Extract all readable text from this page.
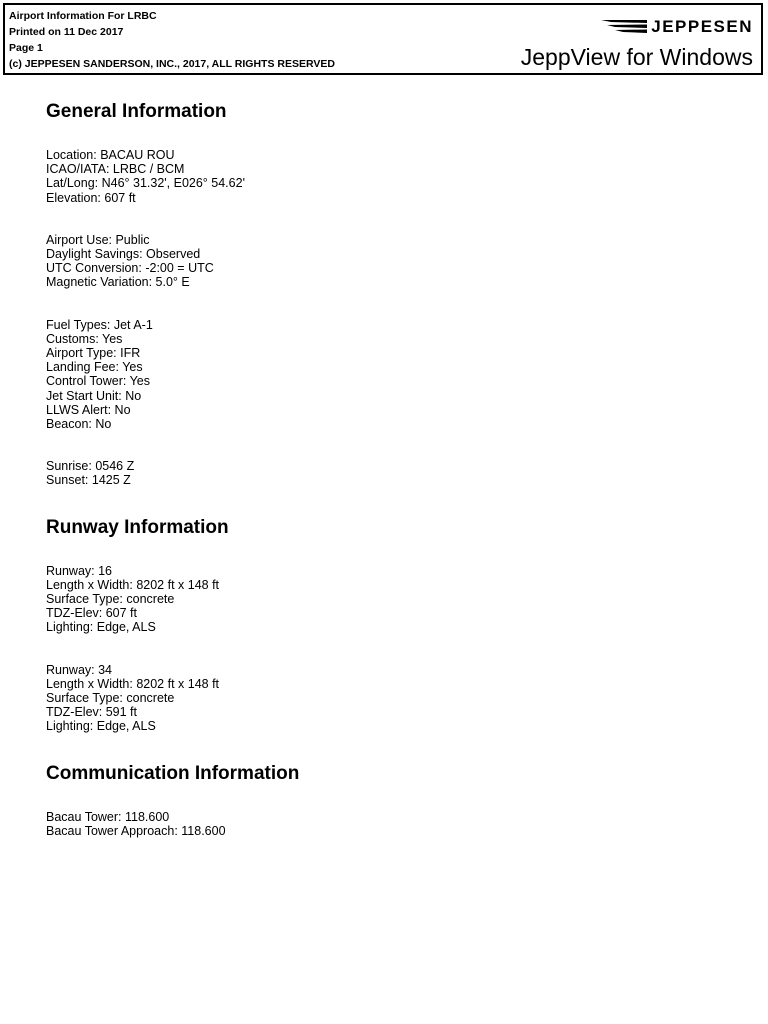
Airport Information For LRBC
Printed on 11 Dec 2017
Page 1
(c) JEPPESEN SANDERSON, INC., 2017, ALL RIGHTS RESERVED
JEPPESEN
JeppView for Windows
General Information
Location: BACAU ROU
ICAO/IATA: LRBC / BCM
Lat/Long: N46° 31.32', E026° 54.62'
Elevation: 607 ft
Airport Use: Public
Daylight Savings: Observed
UTC Conversion: -2:00 = UTC
Magnetic Variation: 5.0° E
Fuel Types: Jet A-1
Customs: Yes
Airport Type: IFR
Landing Fee: Yes
Control Tower: Yes
Jet Start Unit: No
LLWS Alert: No
Beacon: No
Sunrise: 0546 Z
Sunset: 1425 Z
Runway Information
Runway: 16
Length x Width: 8202 ft x 148 ft
Surface Type: concrete
TDZ-Elev: 607 ft
Lighting: Edge, ALS
Runway: 34
Length x Width: 8202 ft x 148 ft
Surface Type: concrete
TDZ-Elev: 591 ft
Lighting: Edge, ALS
Communication Information
Bacau Tower: 118.600
Bacau Tower Approach: 118.600
